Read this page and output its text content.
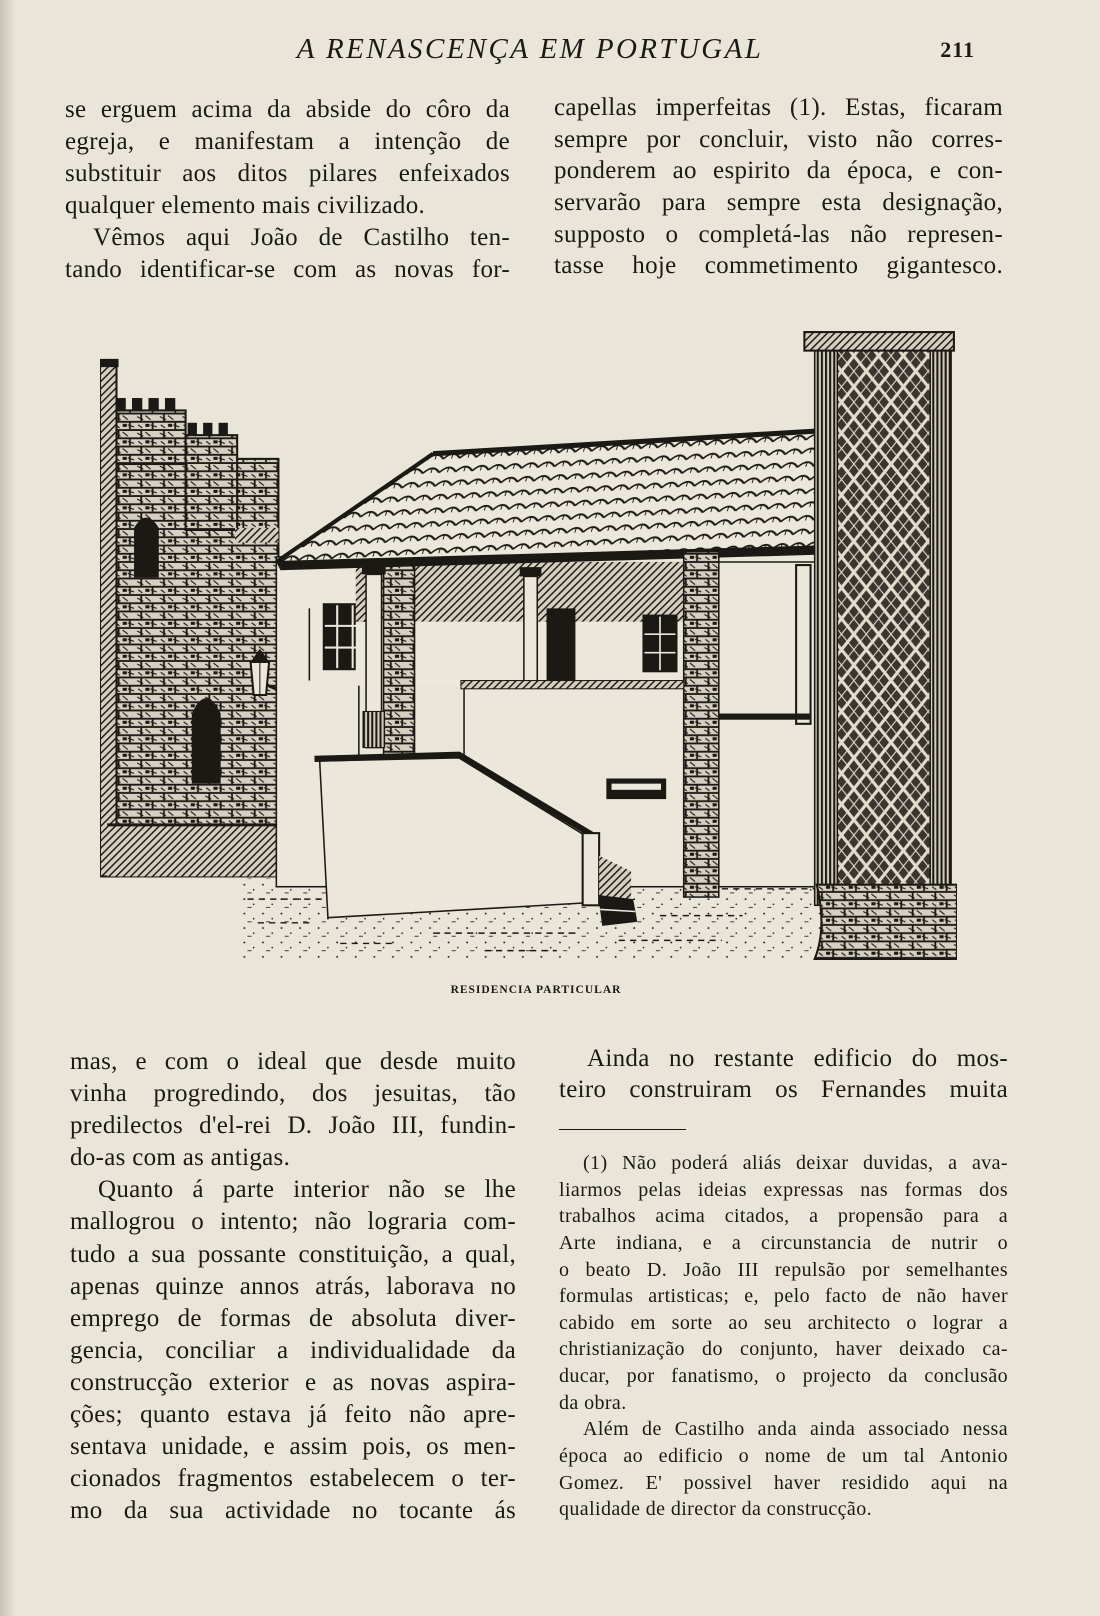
A RENASCENÇA EM PORTUGAL	211
se erguem acima da abside do côro da
egreja, e manifestam a intenção de
substituir aos ditos pilares enfeixados
qualquer elemento mais civilizado.
Vêmos aqui João de Castilho ten-
tando identificar-se com as novas for-
capellas imperfeitas (1). Estas, ficaram
sempre por concluir, visto não corres-
ponderem ao espirito da época, e con-
servarão para sempre esta designação,
supposto o completá-las não represen-
tasse hoje commetimento gigantesco.
RESIDENCIA PARTICULAR
mas, e com o ideal que desde muito
vinha progredindo, dos jesuitas, tão
predilectos d'el-rei D. João III, fundin-
do-as com as antigas.
Quanto á parte interior não se lhe
mallogrou o intento; não lograria com-
tudo a sua possante constituição, a qual,
apenas quinze annos atrás, laborava no
emprego de formas de absoluta diver-
gencia, conciliar a individualidade da
construcção exterior e as novas aspira-
ções; quanto estava já feito não apre-
sentava unidade, e assim pois, os men-
cionados fragmentos estabelecem o ter-
mo da sua actividade no tocante ás
Ainda no restante edificio do mos-
teiro construiram os Fernandes muita
(1) Não poderá aliás deixar duvidas, a ava-
liarmos pelas ideias expressas nas formas dos
trabalhos acima citados, a propensão para a
Arte indiana, e a circunstancia de nutrir o
o beato D. João III repulsão por semelhantes
formulas artisticas; e, pelo facto de não haver
cabido em sorte ao seu architecto o lograr a
christianização do conjunto, haver deixado ca-
ducar, por fanatismo, o projecto da conclusão
da obra.
Além de Castilho anda ainda associado nessa
época ao edificio o nome de um tal Antonio
Gomez. E' possivel haver residido aqui na
qualidade de director da construcção.
